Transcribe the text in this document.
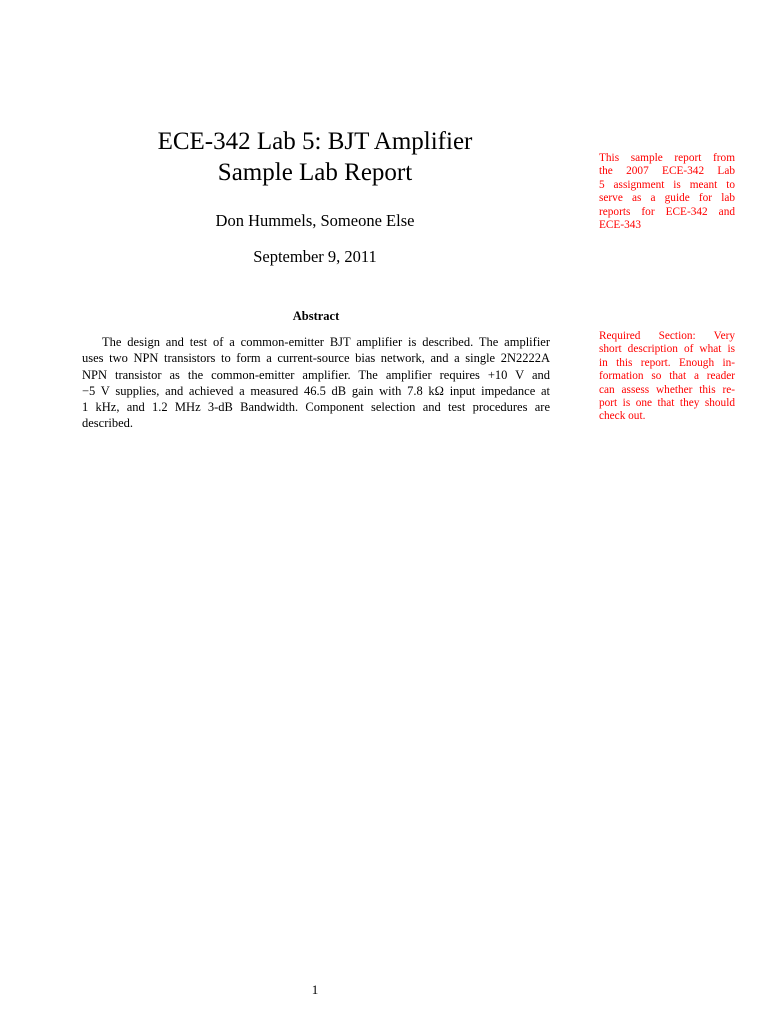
ECE-342 Lab 5: BJT Amplifier
Sample Lab Report
Don Hummels, Someone Else
September 9, 2011
Abstract
The design and test of a common-emitter BJT amplifier is described. The amplifier
uses two NPN transistors to form a current-source bias network, and a single 2N2222A
NPN transistor as the common-emitter amplifier. The amplifier requires +10 V and
−5 V supplies, and achieved a measured 46.5 dB gain with 7.8 kΩ input impedance at
1 kHz, and 1.2 MHz 3-dB Bandwidth. Component selection and test procedures are
described.
This sample report from
the 2007 ECE-342 Lab
5 assignment is meant to
serve as a guide for lab
reports for ECE-342 and
ECE-343
Required Section: Very
short description of what is
in this report. Enough in-
formation so that a reader
can assess whether this re-
port is one that they should
check out.
1
